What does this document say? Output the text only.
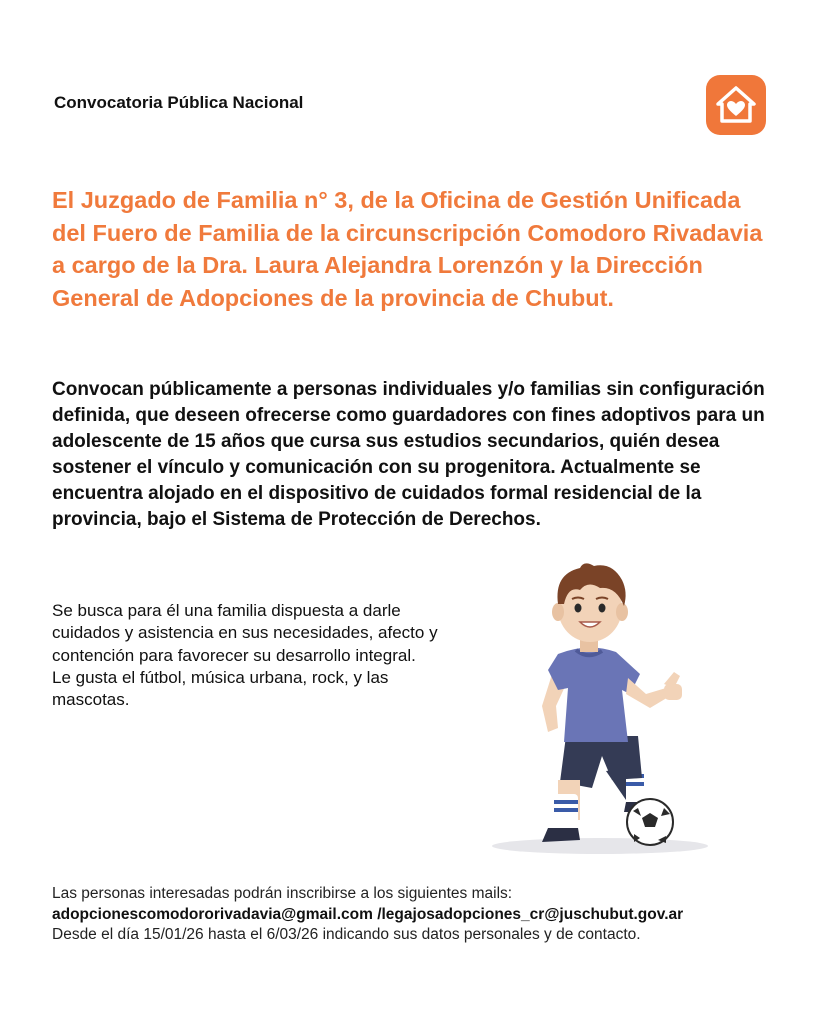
Convocatoria Pública Nacional

El Juzgado de Familia n° 3, de la Oficina de Gestión Unificada del Fuero de Familia de la circunscripción Comodoro Rivadavia a cargo de la Dra. Laura Alejandra Lorenzón y la Dirección General de Adopciones de la provincia de Chubut.

Convocan públicamente a personas individuales y/o familias sin configuración definida, que deseen ofrecerse como guardadores con fines adoptivos para un adolescente de 15 años que cursa sus estudios secundarios, quién desea sostener el vínculo y comunicación con su progenitora. Actualmente se encuentra alojado en el dispositivo de cuidados formal residencial de la provincia, bajo el Sistema de Protección de Derechos.

Se busca para él una familia dispuesta a darle cuidados y asistencia en sus necesidades, afecto y contención para favorecer su desarrollo integral.
Le gusta el fútbol, música urbana, rock, y las mascotas.

Las personas interesadas podrán inscribirse a los siguientes mails:
adopcionescomodororivadavia@gmail.com /legajosadopciones_cr@juschubut.gov.ar
Desde el día 15/01/26 hasta el 6/03/26 indicando sus datos personales y de contacto.
